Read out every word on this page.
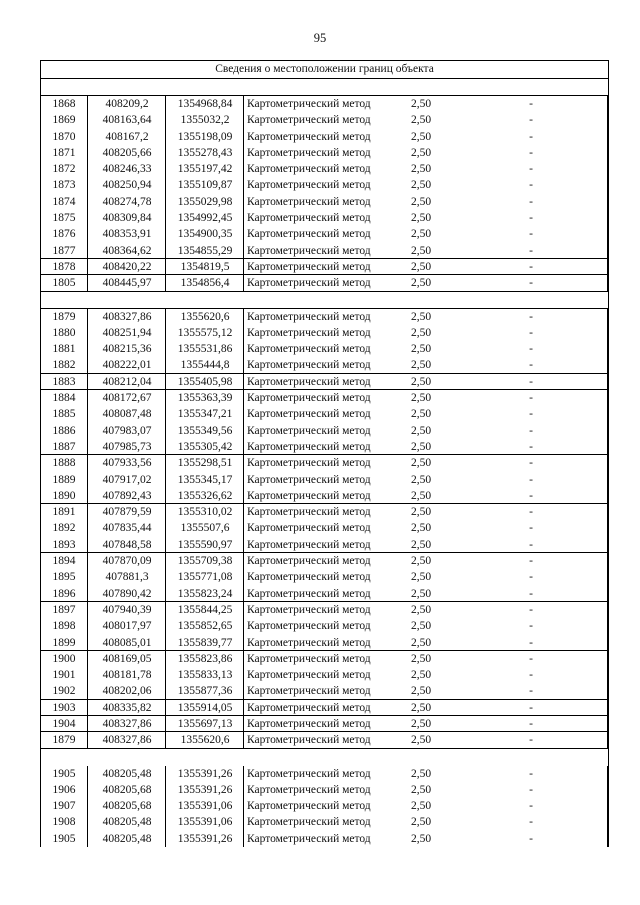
95
Сведения о местоположении границ объекта
1868	408209,2	1354968,84	Картометрический метод	2,50	-
1869	408163,64	1355032,2	Картометрический метод	2,50	-
1870	408167,2	1355198,09	Картометрический метод	2,50	-
1871	408205,66	1355278,43	Картометрический метод	2,50	-
1872	408246,33	1355197,42	Картометрический метод	2,50	-
1873	408250,94	1355109,87	Картометрический метод	2,50	-
1874	408274,78	1355029,98	Картометрический метод	2,50	-
1875	408309,84	1354992,45	Картометрический метод	2,50	-
1876	408353,91	1354900,35	Картометрический метод	2,50	-
1877	408364,62	1354855,29	Картометрический метод	2,50	-
1878	408420,22	1354819,5	Картометрический метод	2,50	-
1805	408445,97	1354856,4	Картометрический метод	2,50	-
1879	408327,86	1355620,6	Картометрический метод	2,50	-
1880	408251,94	1355575,12	Картометрический метод	2,50	-
1881	408215,36	1355531,86	Картометрический метод	2,50	-
1882	408222,01	1355444,8	Картометрический метод	2,50	-
1883	408212,04	1355405,98	Картометрический метод	2,50	-
1884	408172,67	1355363,39	Картометрический метод	2,50	-
1885	408087,48	1355347,21	Картометрический метод	2,50	-
1886	407983,07	1355349,56	Картометрический метод	2,50	-
1887	407985,73	1355305,42	Картометрический метод	2,50	-
1888	407933,56	1355298,51	Картометрический метод	2,50	-
1889	407917,02	1355345,17	Картометрический метод	2,50	-
1890	407892,43	1355326,62	Картометрический метод	2,50	-
1891	407879,59	1355310,02	Картометрический метод	2,50	-
1892	407835,44	1355507,6	Картометрический метод	2,50	-
1893	407848,58	1355590,97	Картометрический метод	2,50	-
1894	407870,09	1355709,38	Картометрический метод	2,50	-
1895	407881,3	1355771,08	Картометрический метод	2,50	-
1896	407890,42	1355823,24	Картометрический метод	2,50	-
1897	407940,39	1355844,25	Картометрический метод	2,50	-
1898	408017,97	1355852,65	Картометрический метод	2,50	-
1899	408085,01	1355839,77	Картометрический метод	2,50	-
1900	408169,05	1355823,86	Картометрический метод	2,50	-
1901	408181,78	1355833,13	Картометрический метод	2,50	-
1902	408202,06	1355877,36	Картометрический метод	2,50	-
1903	408335,82	1355914,05	Картометрический метод	2,50	-
1904	408327,86	1355697,13	Картометрический метод	2,50	-
1879	408327,86	1355620,6	Картометрический метод	2,50	-
1905	408205,48	1355391,26	Картометрический метод	2,50	-
1906	408205,68	1355391,26	Картометрический метод	2,50	-
1907	408205,68	1355391,06	Картометрический метод	2,50	-
1908	408205,48	1355391,06	Картометрический метод	2,50	-
1905	408205,48	1355391,26	Картометрический метод	2,50	-
